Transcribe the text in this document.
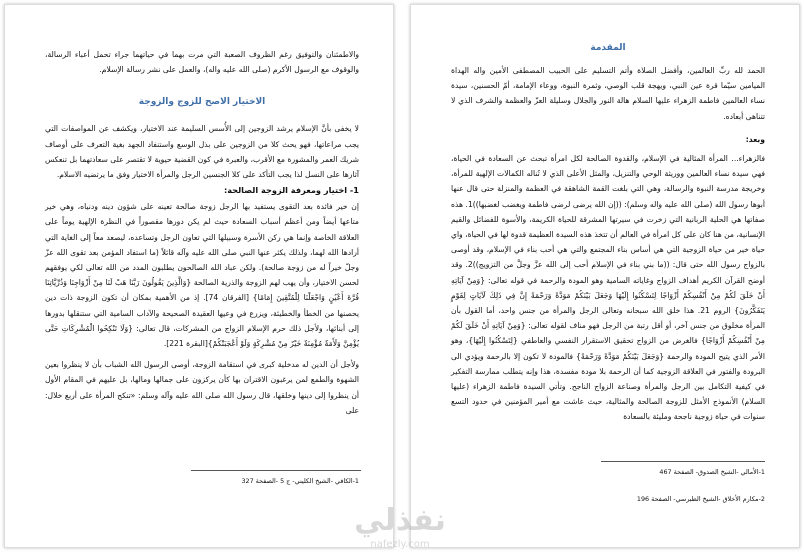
والاطمئنان والتوفيق رغم الظروف الصعبة التي مرت بهما في حياتهما جراء تحمل أعباء الرسالة، والوقوف مع الرسول الأكرم (صلى الله عليه واله)، والعمل على نشر رسالة الإسلام.

الاختيار الاصح للزوج والزوجة

لا يخفى بأنَّ الإسلام يرشد الزوجين إلى الأُسس السليمة عند الاختيار، ويكشف عن المواصفات التي يجب مراعاتها، فهو يحث كلا من الزوجين على بذل الوسع واستنفاد الجهد بغية التعرف على أوصاف شريك العمر والمشورة مع الأقرب، والعبرة في كون القضية حيوية لا تقتصر على سعادتهما بل تنعكس آثارها على النسل لذا يجب التأكد على كلا الجنسين الرجل والمرأة الاختيار وفق ما يرتضيه الاسلام.

1- اختيار ومعرفة الزوجة الصالحة:

إن خير فائدة بعد التقوى يستفيد بها الرجل زوجة صالحة تعينه على شؤون دينه ودنياه، وهي خير متاعها أيضاً ومن أعظم أسباب السعادة حيث لم يكن دورها مقصوراً في النظرة الإلهية يوماً على العلاقة الخاصة وإنما هي ركن الأسرة وسبيلها التي تعاون الرجل وتساعده، ليصعد معاً إلى الغاية التي أرادها الله لهما، ولذلك يكثر عنها النبي صلى الله عليه وآله قائلاً (ما استفاد المؤمن بعد تقوى الله عزّ وجلّ خيراً له من زوجة صالحة). ولكن عباد الله الصالحون يطلبون المدد من الله تعالى لكي يوفقهم لحسن الاختيار، وأن يهب لهم الزوجة والذرية الصالحة {وَالَّذِينَ يَقُولُونَ رَبَّنَا هَبْ لَنَا مِنْ أَزْوَاجِنَا وَذُرِّيَّاتِنَا قُرَّةَ أَعْيُنٍ وَاجْعَلْنَا لِلْمُتَّقِينَ إِمَامًا} [الفرقان 74]. إذ من الأهمية بمكان أن تكون الزوجة ذات دين يحصنها من الخطأ والخطيئة، ويزرع في وعيها العقيدة الصحيحة والآداب السامية التي ستنقلها بدورها إلى أبنائها، ولأجل ذلك حرم الإسلام الزواج من المشركات، قال تعالى: {وَلَا تَنْكِحُوا الْمُشْرِكَاتِ حَتَّى يُؤْمِنَّ وَلَأَمَةٌ مُؤْمِنَةٌ خَيْرٌ مِنْ مُشْرِكَةٍ وَلَوْ أَعْجَبَتْكُمْ}[البقرة 221].

ولأجل أن الدين له مدخلية كبرى في استقامة الزوجة، أوصى الرسول الله الشباب بأن لا ينظروا بعين الشهوة والطمع لمن يرغبون الاقتران بها كأن يركزون على جمالها ومالها، بل عليهم في المقام الأول أن ينظروا إلى دينها وخلقها، قال رسول الله صلى الله عليه وآله وسلم: «تنكح المرأة على أربع خلال: على

1-الكافي -الشيخ الكليني- ج 5 -الصفحة 327

المقدمة

الحمد لله ربِّ العالمين، وأفضل الصلاة وأتم التسليم على الحبيب المصطفى الأمين واله الهداة الميامين سيّما قرة عين النبي، ويهجة قلب الوصي، وثمرة النبوة، ووعاء الإمامة، أمّ الحسنين، سيدة نساء العالمين فاطمة الزهراء عليها السلام هالة النور والجلال وسليلة العزّ والعظمة والشرف الذي لا تتناهى أبعاده.

وبعد:

فالزهراء... المرأة المثالية في الإسلام، والقدوة الصالحة لكل امرأة تبحث عن السعادة في الحياة، فهي سيدة نساء العالمين ووريثة الوحي والتنزيل، والمثل الأعلى الذي لا تُناله الكمالات الإلهية للمرأة، وخريجة مدرسة النبوة والرسالة، وهي التي بلغت القمة الشاهقة في العظمة والمنزلة حتى قال عنها أبوها رسول الله (صلى الله عليه واله وسلم): ((إن الله يرضى لرضى فاطمة ويغضب لغضبها))1. هذه صفاتها هي الحلية الربانية التي زخرت في سيرتها المشرقة للحياة الكريمة، والأسوة للفضائل والقيم الإنسانية، من هنا كان على كل امرأة في العالم أن تتخذ هذه السيدة العظيمة قدوة لها في الحياة، واي حياة خير من حياة الزوجية التي هي أساس بناء المجتمع والتي هي أحب بناء في الإسلام، وقد أوصى بالزواج رسول الله حتى قال: ((ما بني بناء في الإسلام أحب إلى الله عزَّ وجلَّ من التزويج))2. وقد أوضح القرآن الكريم أهداف الزواج وغاياته السامية وهو المودة والرحمة في قوله تعالى: {وَمِنْ آيَاتِهِ أَنْ خَلَقَ لَكُمْ مِنْ أَنْفُسِكُمْ أَزْوَاجًا لِتَسْكُنُوا إِلَيْهَا وَجَعَلَ بَيْنَكُمْ مَوَدَّةً وَرَحْمَةً إِنَّ فِي ذَلِكَ لَآيَاتٍ لِقَوْمٍ يَتَفَكَّرُونَ} الروم 21. هذا خلق الله سبحانه وتعالى الرجل والمرأة من جنس واحد، أما القول بأن المرأة مخلوق من جنس آخر، أو أقل رتبة من الرجل فهو مناف لقوله تعالى: {وَمِنْ آيَاتِهِ أَنْ خَلَقَ لَكُمْ مِنْ أَنْفُسِكُمْ أَزْوَاجًا} فالغرض من الزواج تحقيق الاستقرار النفسي والعاطفي {لِتَسْكُنُوا إِلَيْهَا}، وهو الأمر الذي يتيح المودة والرحمة {وَجَعَلَ بَيْنَكُمْ مَوَدَّةً وَرَحْمَةً} فالمودة لا تكون إلا بالرحمة ويؤدي الى البرودة والفتور في العلاقة الزوجية كما أن الرحمة بلا مودة مفسدة، هذا وإنه يتطلب ممارسة التفكير في كيفية التكامل بين الرجل والمرأة وصناعة الزواج الناجح. وتأتي السيدة فاطمة الزهراء (عليها السلام) الأنموذج الأمثل للزوجة الصالحة والمثالية، حيث عاشت مع أمير المؤمنين في حدود التسع سنوات في حياة زوجية ناجحة ومليئة بالسعادة

1-الأمالي -الشيخ الصدوق- الصفحة 467
2-مكارم الأخلاق -الشيخ الطبرسي- الصفحة 196
نفذلي
nafezly.com
